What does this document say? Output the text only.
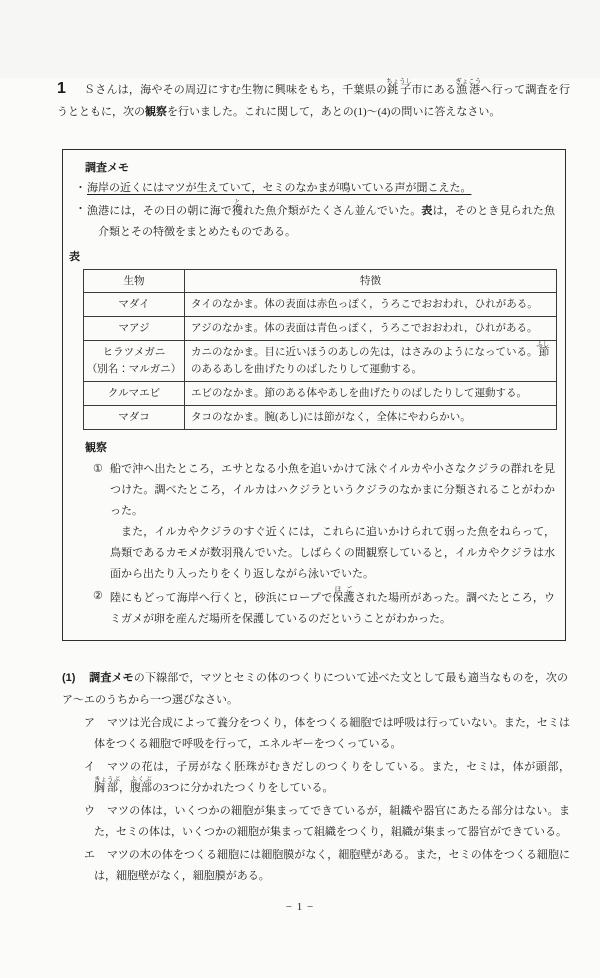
1	Ｓさんは，海やその周辺にすむ生物に興味をもち，千葉県の銚子ちょうし市にある漁港ぎょこうへ行って調査を行うとともに，次の観察を行いました。これに関して，あとの(1)～(4)の問いに答えなさい。

調査メモ
・ 海岸の近くにはマツが生えていて，セミのなかまが鳴いている声が聞こえた。
・ 漁港には，その日の朝に海で獲とれた魚介類がたくさん並んでいた。表は，そのとき見られた魚介類とその特徴をまとめたものである。
表
生物	特徴

マダイ	タイのなかま。体の表面は赤色っぽく，うろこでおおわれ，ひれがある。

マアジ	アジのなかま。体の表面は青色っぽく，うろこでおおわれ，ひれがある。

ヒラツメガニ
（別名：マルガニ）	カニのなかま。目に近いほうのあしの先は，はさみのようになっている。節ふしのあるあしを曲げたりのばしたりして運動する。

クルマエビ	エビのなかま。節のある体やあしを曲げたりのばしたりして運動する。

マダコ	タコのなかま。腕(あし)には節がなく，全体にやわらかい。
観察
① 船で沖へ出たところ，エサとなる小魚を追いかけて泳ぐイルカや小さなクジラの群れを見つけた。調べたところ，イルカはハクジラというクジラのなかまに分類されることがわかった。

また，イルカやクジラのすぐ近くには，これらに追いかけられて弱った魚をねらって，鳥類であるカモメが数羽飛んでいた。しばらくの間観察していると，イルカやクジラは水面から出たり入ったりをくり返しながら泳いでいた。

② 陸にもどって海岸へ行くと，砂浜にロープで保護ほごされた場所があった。調べたところ，ウミガメが卵を産んだ場所を保護しているのだということがわかった。

(1) 調査メモの下線部で，マツとセミの体のつくりについて述べた文として最も適当なものを，次のア～エのうちから一つ選びなさい。
ア	マツは光合成によって養分をつくり，体をつくる細胞では呼吸は行っていない。また，セミは体をつくる細胞で呼吸を行って，エネルギーをつくっている。
イ	マツの花は，子房がなく胚珠がむきだしのつくりをしている。また，セミは，体が頭部，胸部きょうぶ，腹部ふくぶの3つに分かれたつくりをしている。
ウ	マツの体は，いくつかの細胞が集まってできているが，組織や器官にあたる部分はない。また，セミの体は，いくつかの細胞が集まって組織をつくり，組織が集まって器官ができている。
エ	マツの木の体をつくる細胞には細胞膜がなく，細胞壁がある。また，セミの体をつくる細胞には，細胞壁がなく，細胞膜がある。
− 1 −
